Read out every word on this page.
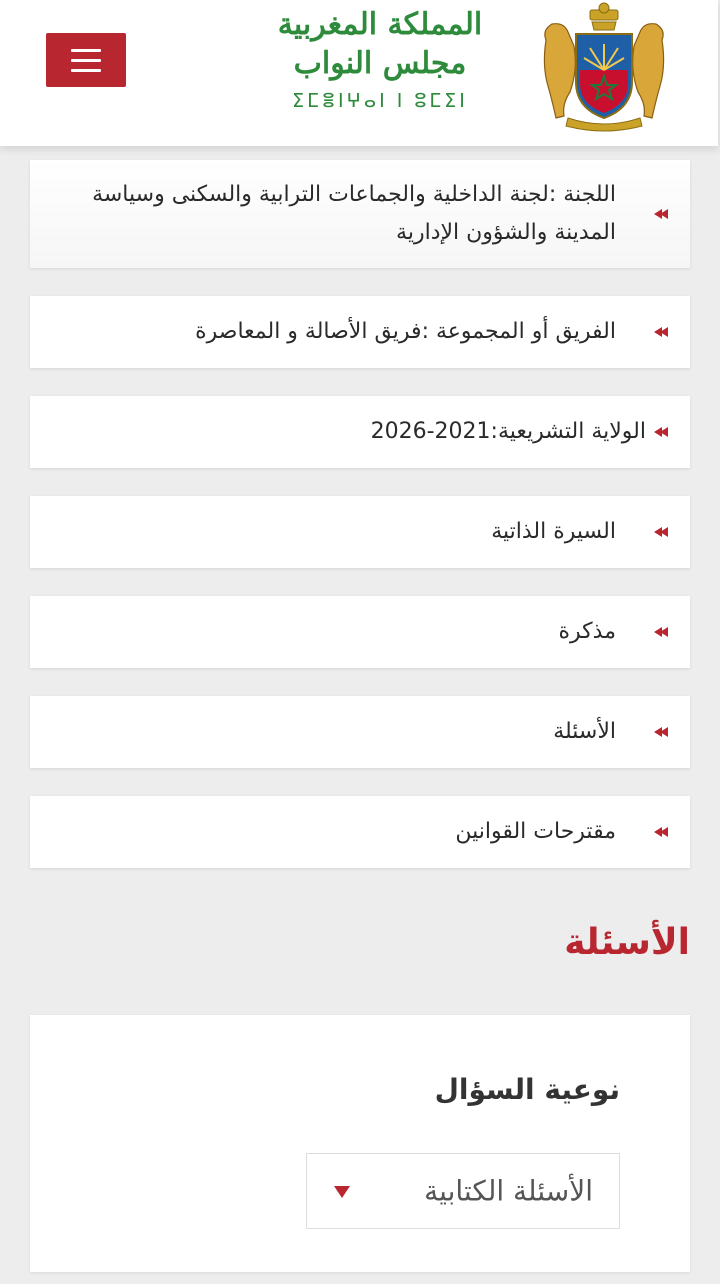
المملكة المغربية
مجلس النواب
ⵉⵎⴻⵏⵖⴰⵏ ⵏ ⵓⵎⵉⵏ
اللجنة :لجنة الداخلية والجماعات الترابية والسكنى وسياسة المدينة والشؤون الإدارية
الفريق أو المجموعة :فريق الأصالة و المعاصرة
الولاية التشريعية:2021-2026
السيرة الذاتية
مذكرة
الأسئلة
مقترحات القوانين
الأسئلة
نوعية السؤال
الأسئلة الكتابية
